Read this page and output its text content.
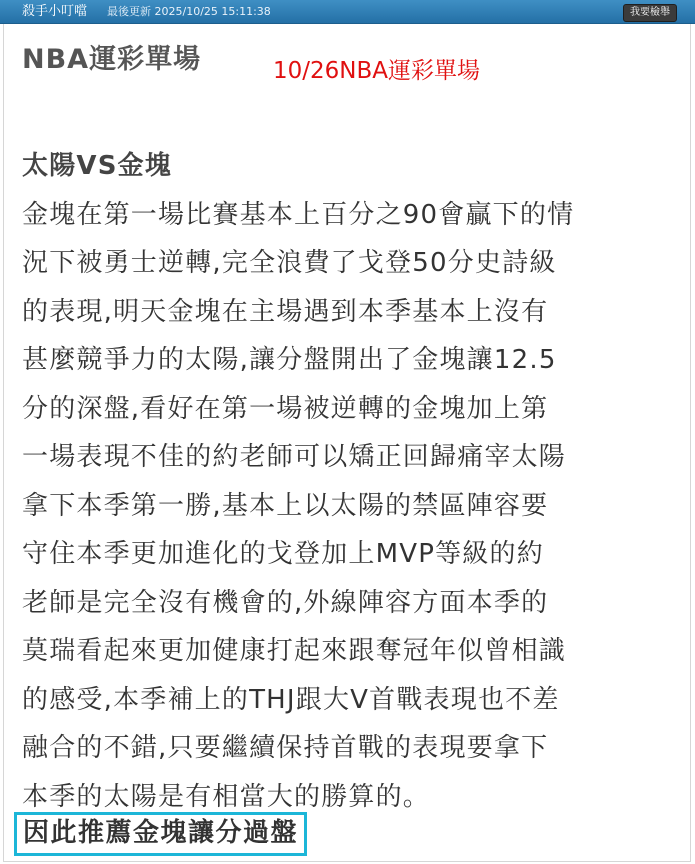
殺手小叮噹 最後更新 2025/10/25 15:11:38	我要檢舉
NBA運彩單場	10/26NBA運彩單場
太陽VS金塊
金塊在第一場比賽基本上百分之90會贏下的情
況下被勇士逆轉,完全浪費了戈登50分史詩級
的表現,明天金塊在主場遇到本季基本上沒有
甚麼競爭力的太陽,讓分盤開出了金塊讓12.5
分的深盤,看好在第一場被逆轉的金塊加上第
一場表現不佳的約老師可以矯正回歸痛宰太陽
拿下本季第一勝,基本上以太陽的禁區陣容要
守住本季更加進化的戈登加上MVP等級的約
老師是完全沒有機會的,外線陣容方面本季的
莫瑞看起來更加健康打起來跟奪冠年似曾相識
的感受,本季補上的THJ跟大V首戰表現也不差
融合的不錯,只要繼續保持首戰的表現要拿下
本季的太陽是有相當大的勝算的。
因此推薦金塊讓分過盤
